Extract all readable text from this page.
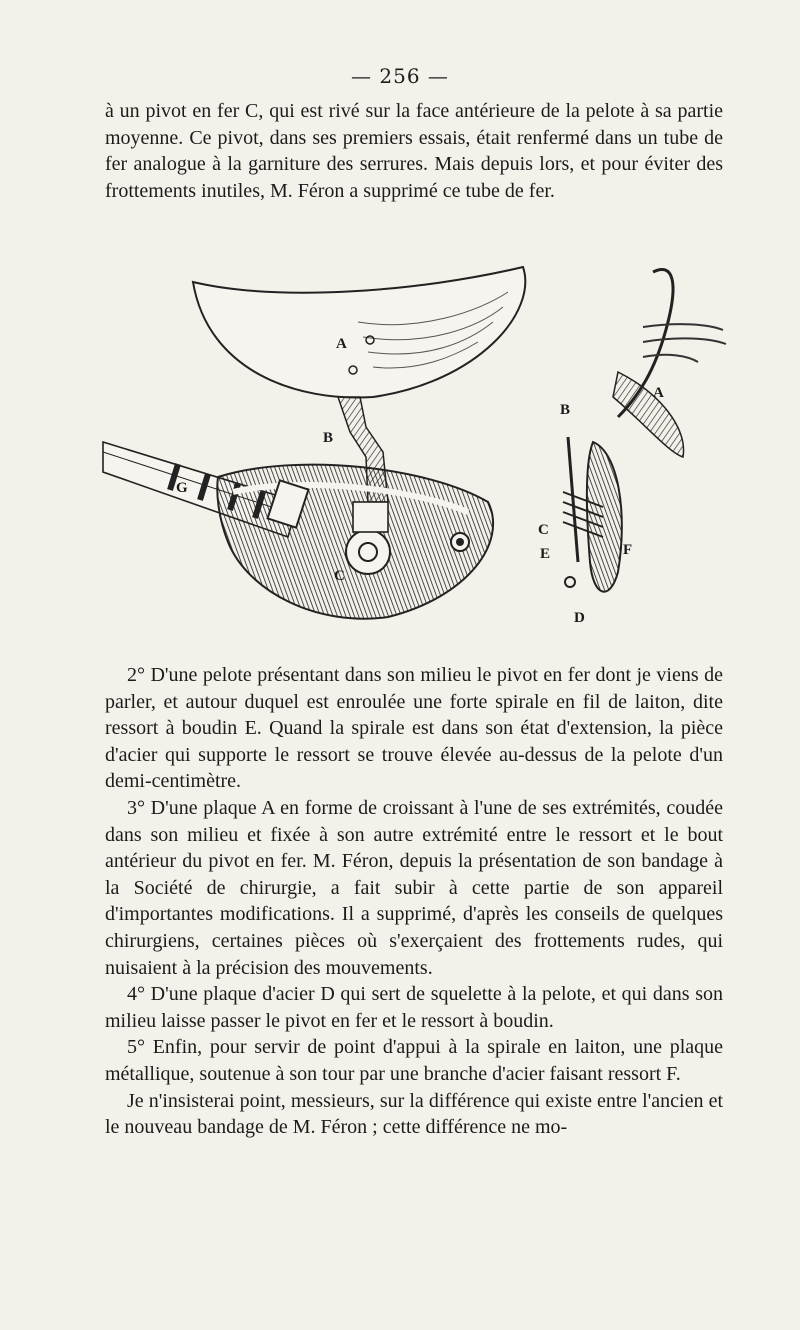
— 256 —

à un pivot en fer C, qui est rivé sur la face antérieure de la pelote à sa partie moyenne. Ce pivot, dans ses premiers essais, était renfermé dans un tube de fer analogue à la garniture des serrures. Mais depuis lors, et pour éviter des frottements inutiles, M. Féron a supprimé ce tube de fer.

A
B
C
G
A
B
C
E	F
D

2° D'une pelote présentant dans son milieu le pivot en fer dont je viens de parler, et autour duquel est enroulée une forte spirale en fil de laiton, dite ressort à boudin E. Quand la spirale est dans son état d'extension, la pièce d'acier qui supporte le ressort se trouve élevée au-dessus de la pelote d'un demi-centimètre.

3° D'une plaque A en forme de croissant à l'une de ses extrémités, coudée dans son milieu et fixée à son autre extrémité entre le ressort et le bout antérieur du pivot en fer. M. Féron, depuis la présentation de son bandage à la Société de chirurgie, a fait subir à cette partie de son appareil d'importantes modifications. Il a supprimé, d'après les conseils de quelques chirurgiens, certaines pièces où s'exerçaient des frottements rudes, qui nuisaient à la précision des mouvements.

4° D'une plaque d'acier D qui sert de squelette à la pelote, et qui dans son milieu laisse passer le pivot en fer et le ressort à boudin.

5° Enfin, pour servir de point d'appui à la spirale en laiton, une plaque métallique, soutenue à son tour par une branche d'acier faisant ressort F.

Je n'insisterai point, messieurs, sur la différence qui existe entre l'ancien et le nouveau bandage de M. Féron ; cette différence ne mo-
